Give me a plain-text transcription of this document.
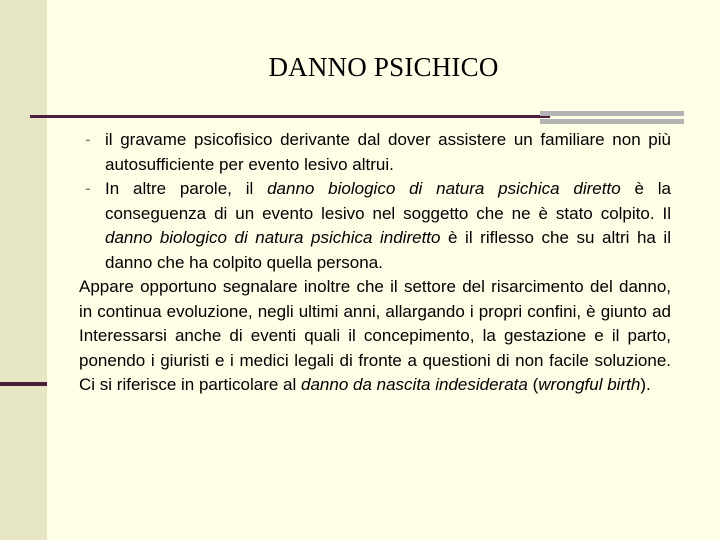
DANNO PSICHICO
- il gravame psicofisico derivante dal dover assistere un familiare non più autosufficiente per evento lesivo altrui.
- In altre parole, il danno biologico di natura psichica diretto è la conseguenza di un evento lesivo nel soggetto che ne è stato colpito. Il danno biologico di natura psichica indiretto è il riflesso che su altri ha il danno che ha colpito quella persona.

Appare opportuno segnalare inoltre che il settore del risarcimento del danno, in continua evoluzione, negli ultimi anni, allargando i propri confini, è giunto ad Interessarsi anche di eventi quali il concepimento, la gestazione e il parto, ponendo i giuristi e i medici legali di fronte a questioni di non facile soluzione. Ci si riferisce in particolare al danno da nascita indesiderata (wrongful birth).
